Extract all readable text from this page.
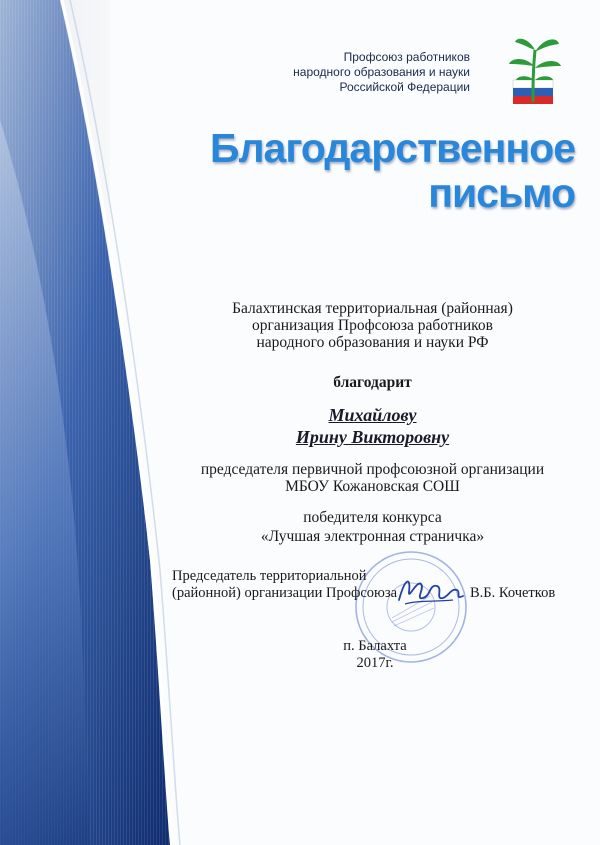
Профсоюз работников
народного образования и науки
Российской Федерации
Благодарственное
письмо
Балахтинская территориальная (районная)
организация Профсоюза работников
народного образования и науки РФ
благодарит
Михайлову
Ирину Викторовну
председателя первичной профсоюзной организации
МБОУ Кожановская СОШ
победителя конкурса
«Лучшая электронная страничка»
Председатель территориальной
(районной) организации Профсоюза	В.Б. Кочетков
п. Балахта
2017г.
